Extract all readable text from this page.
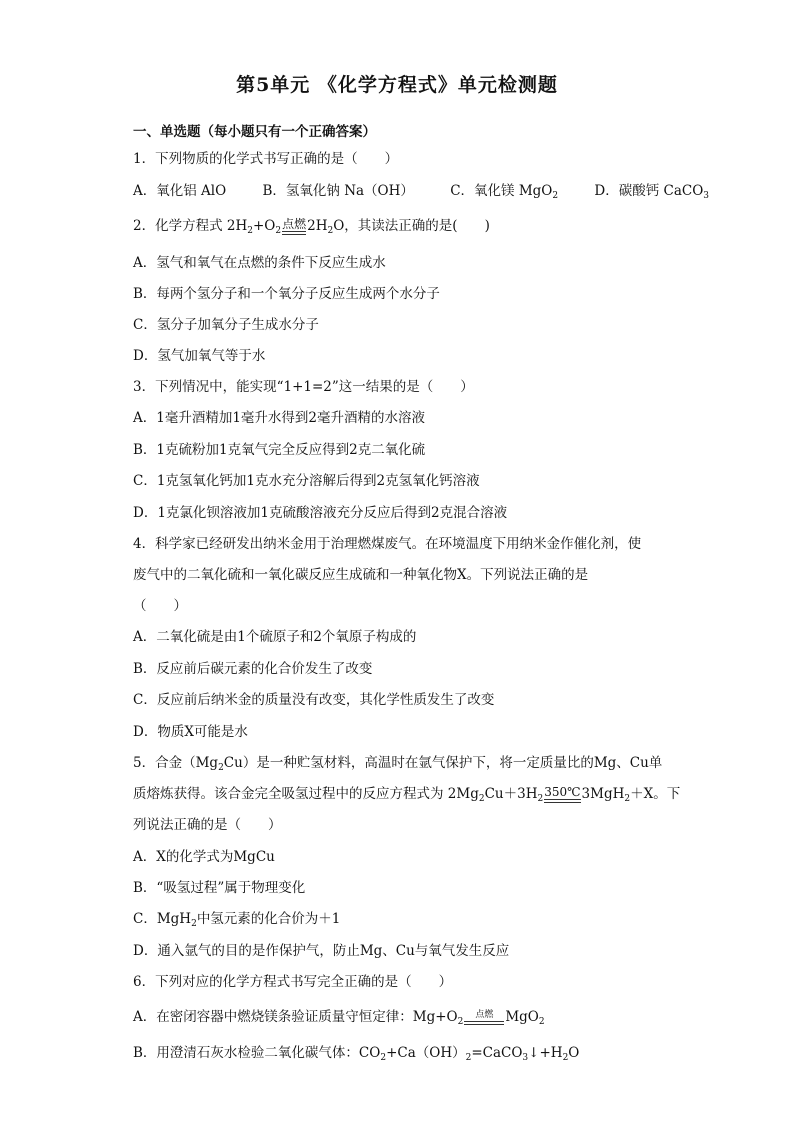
第5单元 《化学方程式》单元检测题
一、单选题（每小题只有一个正确答案）
1．下列物质的化学式书写正确的是（　　）
A．氧化铝 AlO	B．氢氧化钠 Na（OH）	C．氧化镁 MgO$_2$	D．碳酸钙 CaCO$_3$
2．化学方程式 $2H_2+O_2$
点燃 $2H_2O$，其读法正确的是(　　)
A．氢气和氧气在点燃的条件下反应生成水
B．每两个氢分子和一个氧分子反应生成两个水分子
C．氢分子加氧分子生成水分子
D．氢气加氧气等于水
3．下列情况中，能实现“1+1=2”这一结果的是（　　）
A．1毫升酒精加1毫升水得到2毫升酒精的水溶液
B．1克硫粉加1克氧气完全反应得到2克二氧化硫
C．1克氢氧化钙加1克水充分溶解后得到2克氢氧化钙溶液
D．1克氯化钡溶液加1克硫酸溶液充分反应后得到2克混合溶液
4．科学家已经研发出纳米金用于治理燃煤废气。在环境温度下用纳米金作催化剂，使
废气中的二氧化硫和一氧化碳反应生成硫和一种氧化物X。下列说法正确的是
（　　）
A．二氧化硫是由1个硫原子和2个氧原子构成的
B．反应前后碳元素的化合价发生了改变
C．反应前后纳米金的质量没有改变，其化学性质发生了改变
D．物质X可能是水
5．合金$(Mg_2Cu)$是一种贮氢材料，高温时在氩气保护下，将一定质量比的Mg、Cu单
质熔炼获得。该合金完全吸氢过程中的反应方程式为 $2Mg_2Cu+3H_2$
350℃ 3MgH$_2$＋X。下
列说法正确的是（　　）
A．X的化学式为MgCu
B．“吸氢过程”属于物理变化
C．MgH$_2$中氢元素的化合价为＋1
D．通入氩气的目的是作保护气，防止Mg、Cu与氧气发生反应
6．下列对应的化学方程式书写完全正确的是（　　）
A．在密闭容器中燃烧镁条验证质量守恒定律：$Mg+O_2$
点燃 MgO$_2$
B．用澄清石灰水检验二氧化碳气体：$CO_2+Ca(OH)_2=CaCO_3↓+H_2O$
